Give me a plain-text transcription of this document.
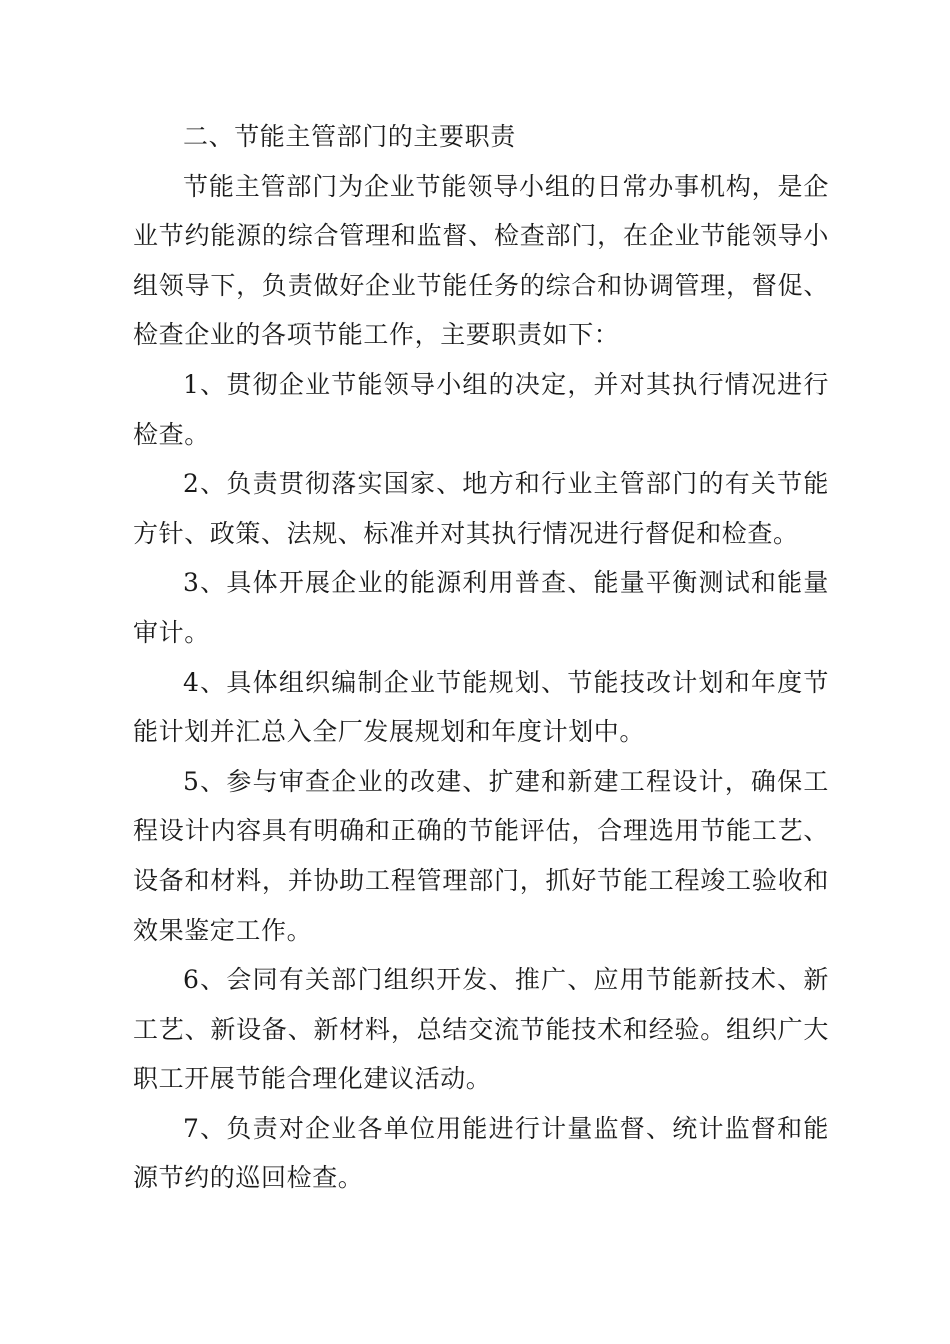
二、节能主管部门的主要职责

节能主管部门为企业节能领导小组的日常办事机构，是企业节约能源的综合管理和监督、检查部门，在企业节能领导小组领导下，负责做好企业节能任务的综合和协调管理，督促、检查企业的各项节能工作，主要职责如下：

1、贯彻企业节能领导小组的决定，并对其执行情况进行检查。

2、负责贯彻落实国家、地方和行业主管部门的有关节能方针、政策、法规、标准并对其执行情况进行督促和检查。

3、具体开展企业的能源利用普查、能量平衡测试和能量审计。

4、具体组织编制企业节能规划、节能技改计划和年度节能计划并汇总入全厂发展规划和年度计划中。

5、参与审查企业的改建、扩建和新建工程设计，确保工程设计内容具有明确和正确的节能评估，合理选用节能工艺、设备和材料，并协助工程管理部门，抓好节能工程竣工验收和效果鉴定工作。

6、会同有关部门组织开发、推广、应用节能新技术、新工艺、新设备、新材料，总结交流节能技术和经验。组织广大职工开展节能合理化建议活动。

7、负责对企业各单位用能进行计量监督、统计监督和能源节约的巡回检查。
